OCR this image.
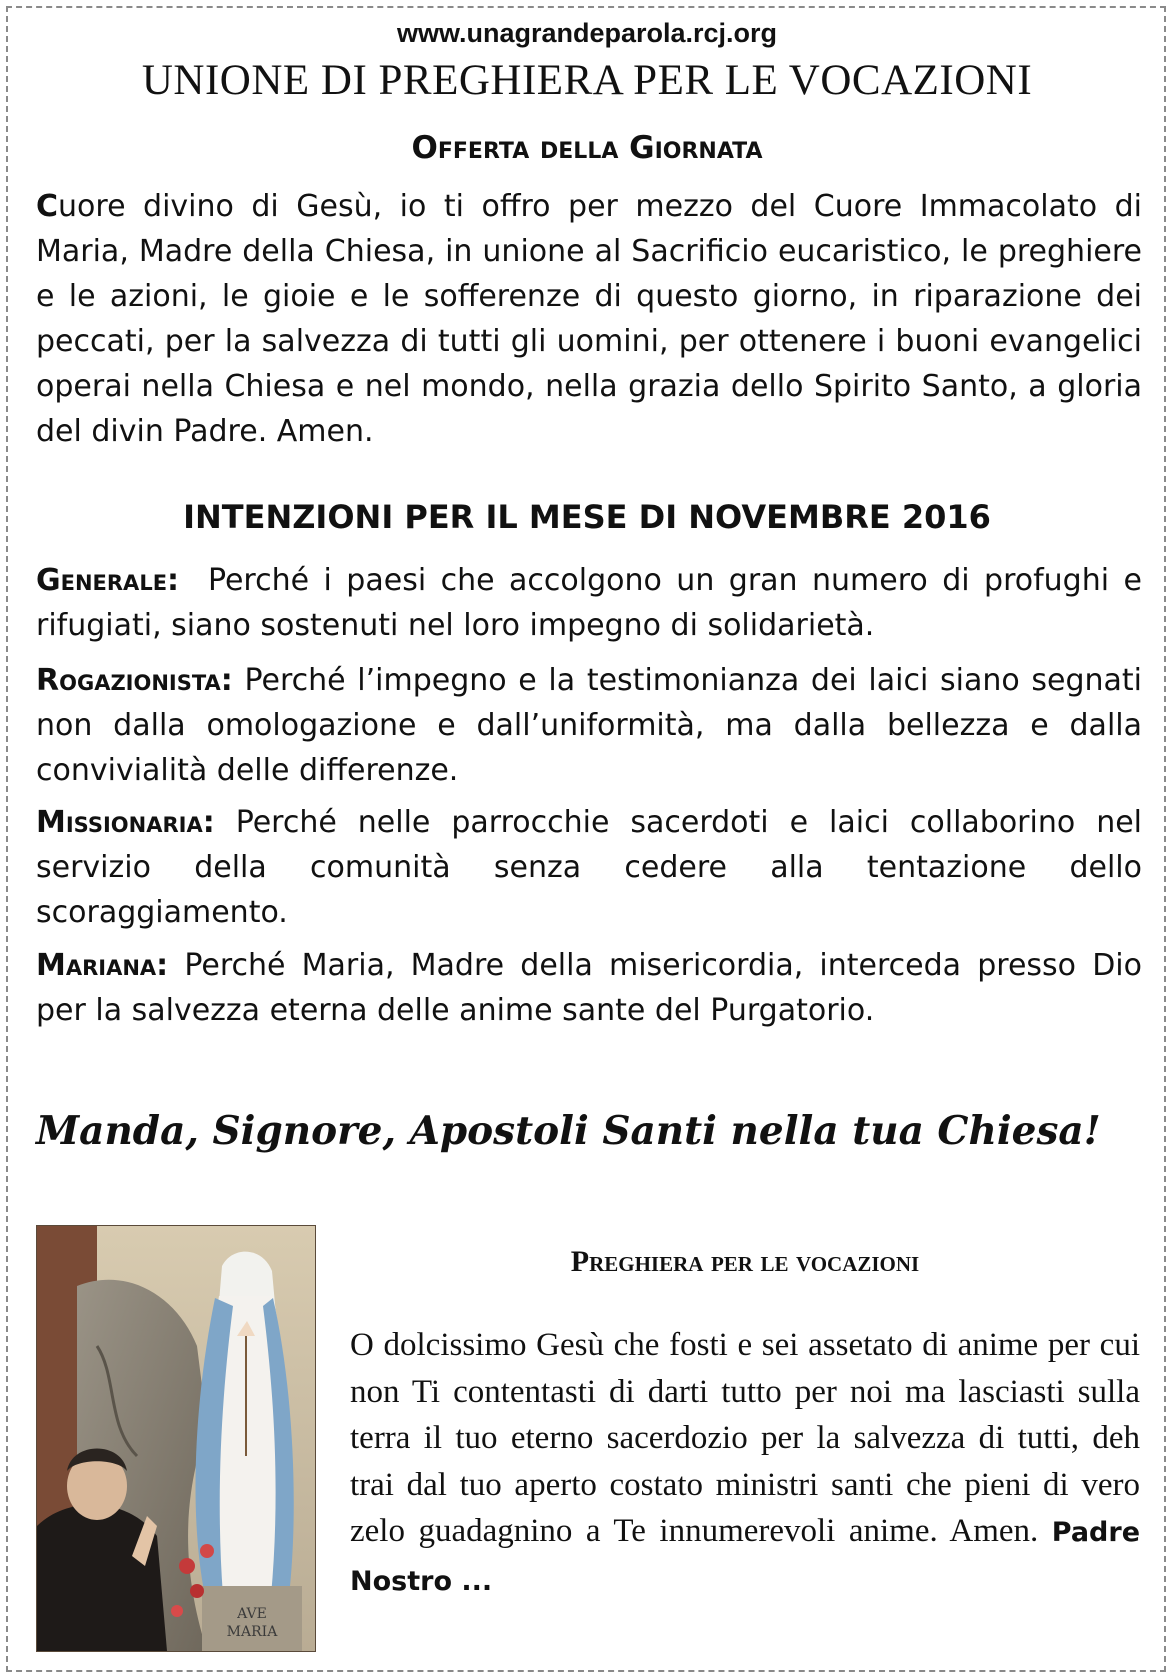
www.unagrandeparola.rcj.org
UNIONE DI PREGHIERA PER LE VOCAZIONI
Offerta della Giornata
Cuore divino di Gesù, io ti offro per mezzo del Cuore Immacolato di Maria, Madre della Chiesa, in unione al Sacrificio eucaristico, le preghiere e le azioni, le gioie e le sofferenze di questo giorno, in riparazione dei peccati, per la salvezza di tutti gli uomini, per ottenere i buoni evangelici operai nella Chiesa e nel mondo, nella grazia dello Spirito Santo, a gloria del divin Padre. Amen.
INTENZIONI PER IL MESE DI NOVEMBRE 2016
Generale: Perché i paesi che accolgono un gran numero di profughi e rifugiati, siano sostenuti nel loro impegno di solidarietà.
Rogazionista: Perché l’impegno e la testimonianza dei laici siano segnati non dalla omologazione e dall’uniformità, ma dalla bellezza e dalla convivialità delle differenze.
Missionaria: Perché nelle parrocchie sacerdoti e laici collaborino nel servizio della comunità senza cedere alla tentazione dello scoraggiamento.
Mariana: Perché Maria, Madre della misericordia, interceda presso Dio per la salvezza eterna delle anime sante del Purgatorio.
Manda, Signore, Apostoli Santi nella tua Chiesa!
AVE
MARIA
Preghiera per le vocazioni
O dolcissimo Gesù che fosti e sei assetato di anime per cui non Ti contentasti di darti tutto per noi ma lasciasti sulla terra il tuo eterno sacerdozio per la salvezza di tutti, deh trai dal tuo aperto costato ministri santi che pieni di vero zelo guadagnino a Te innumerevoli anime. Amen. Padre Nostro ...
